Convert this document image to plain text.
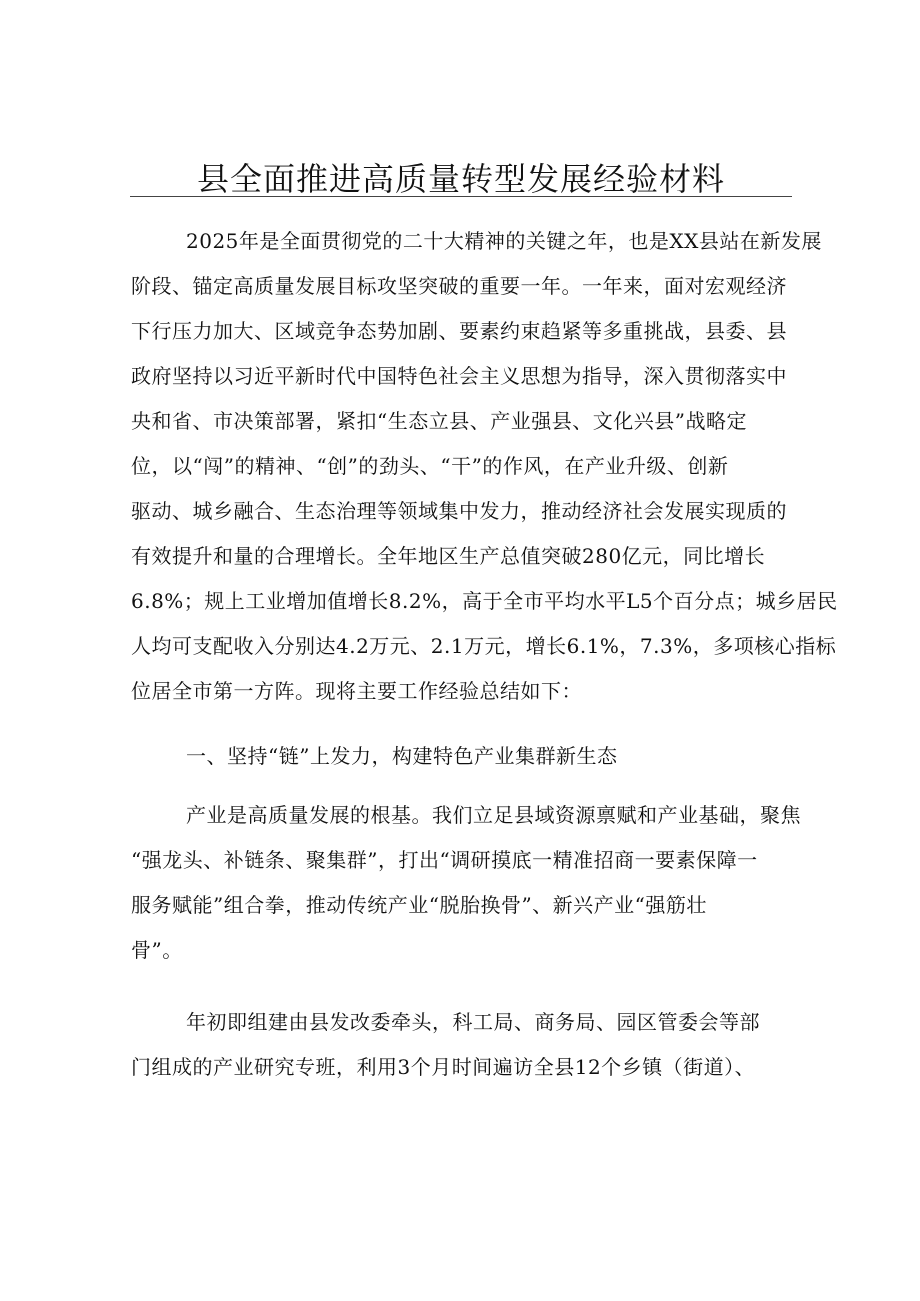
县全面推进高质量转型发展经验材料
2025年是全面贯彻党的二十大精神的关键之年，也是XX县站在新发展
阶段、锚定高质量发展目标攻坚突破的重要一年。一年来，面对宏观经济
下行压力加大、区域竞争态势加剧、要素约束趋紧等多重挑战，县委、县
政府坚持以习近平新时代中国特色社会主义思想为指导，深入贯彻落实中
央和省、市决策部署，紧扣“生态立县、产业强县、文化兴县”战略定
位，以“闯”的精神、“创”的劲头、“干”的作风，在产业升级、创新
驱动、城乡融合、生态治理等领域集中发力，推动经济社会发展实现质的
有效提升和量的合理增长。全年地区生产总值突破280亿元，同比增长
6.8%；规上工业增加值增长8.2%，高于全市平均水平L5个百分点；城乡居民
人均可支配收入分别达4.2万元、2.1万元，增长6.1%，7.3%，多项核心指标
位居全市第一方阵。现将主要工作经验总结如下：
一、坚持“链”上发力，构建特色产业集群新生态
产业是高质量发展的根基。我们立足县域资源禀赋和产业基础，聚焦
“强龙头、补链条、聚集群”，打出“调研摸底一精准招商一要素保障一
服务赋能”组合拳，推动传统产业“脱胎换骨”、新兴产业“强筋壮
骨”。
年初即组建由县发改委牵头，科工局、商务局、园区管委会等部
门组成的产业研究专班，利用3个月时间遍访全县12个乡镇（街道）、
